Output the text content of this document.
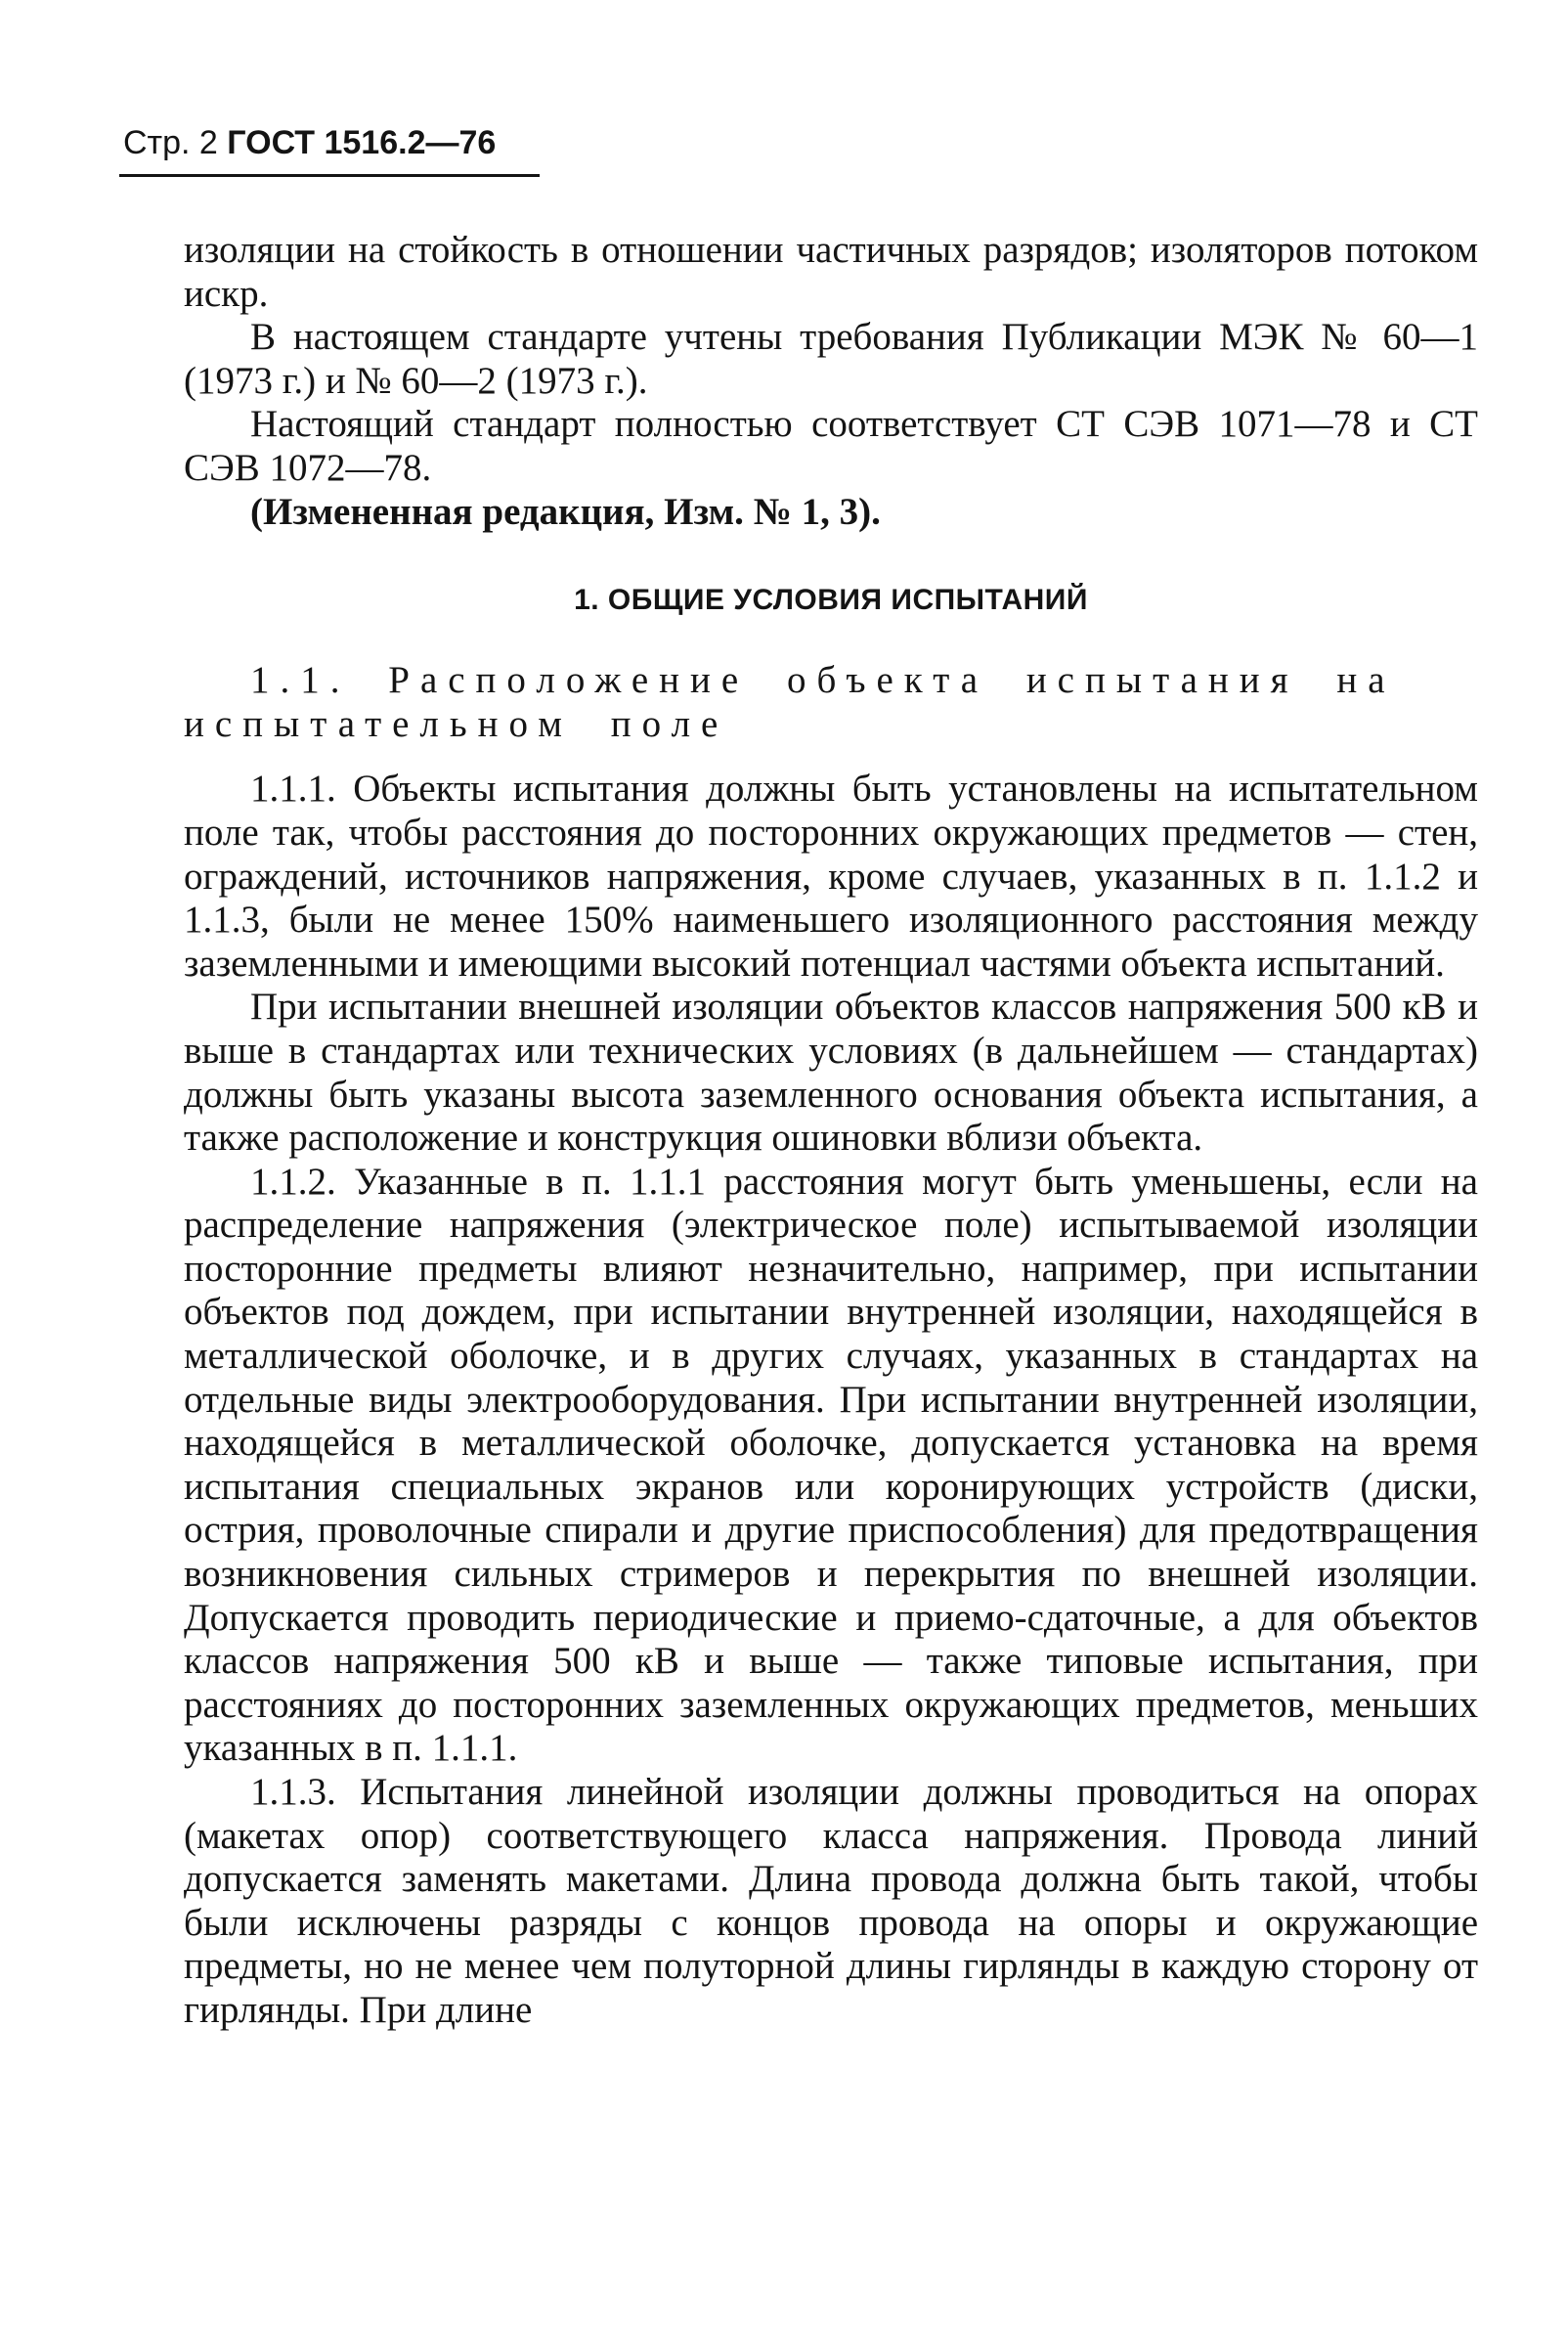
Стр. 2 ГОСТ 1516.2—76

изоляции на стойкость в отношении частичных разрядов; изоляторов потоком искр.

В настоящем стандарте учтены требования Публикации МЭК № 60—1 (1973 г.) и № 60—2 (1973 г.).

Настоящий стандарт полностью соответствует СТ СЭВ 1071—78 и СТ СЭВ 1072—78.

(Измененная редакция, Изм. № 1, 3).

1. ОБЩИЕ УСЛОВИЯ ИСПЫТАНИЙ

1.1. Расположение объекта испытания на испытательном поле

1.1.1. Объекты испытания должны быть установлены на испытательном поле так, чтобы расстояния до посторонних окружающих предметов — стен, ограждений, источников напряжения, кроме случаев, указанных в п. 1.1.2 и 1.1.3, были не менее 150% наименьшего изоляционного расстояния между заземленными и имеющими высокий потенциал частями объекта испытаний.

При испытании внешней изоляции объектов классов напряжения 500 кВ и выше в стандартах или технических условиях (в дальнейшем — стандартах) должны быть указаны высота заземленного основания объекта испытания, а также расположение и конструкция ошиновки вблизи объекта.

1.1.2. Указанные в п. 1.1.1 расстояния могут быть уменьшены, если на распределение напряжения (электрическое поле) испытываемой изоляции посторонние предметы влияют незначительно, например, при испытании объектов под дождем, при испытании внутренней изоляции, находящейся в металлической оболочке, и в других случаях, указанных в стандартах на отдельные виды электрооборудования. При испытании внутренней изоляции, находящейся в металлической оболочке, допускается установка на время испытания специальных экранов или коронирующих устройств (диски, острия, проволочные спирали и другие приспособления) для предотвращения возникновения сильных стримеров и перекрытия по внешней изоляции. Допускается проводить периодические и приемо-сдаточные, а для объектов классов напряжения 500 кВ и выше — также типовые испытания, при расстояниях до посторонних заземленных окружающих предметов, меньших указанных в п. 1.1.1.

1.1.3. Испытания линейной изоляции должны проводиться на опорах (макетах опор) соответствующего класса напряжения. Провода линий допускается заменять макетами. Длина провода должна быть такой, чтобы были исключены разряды с концов провода на опоры и окружающие предметы, но не менее чем полуторной длины гирлянды в каждую сторону от гирлянды. При длине
